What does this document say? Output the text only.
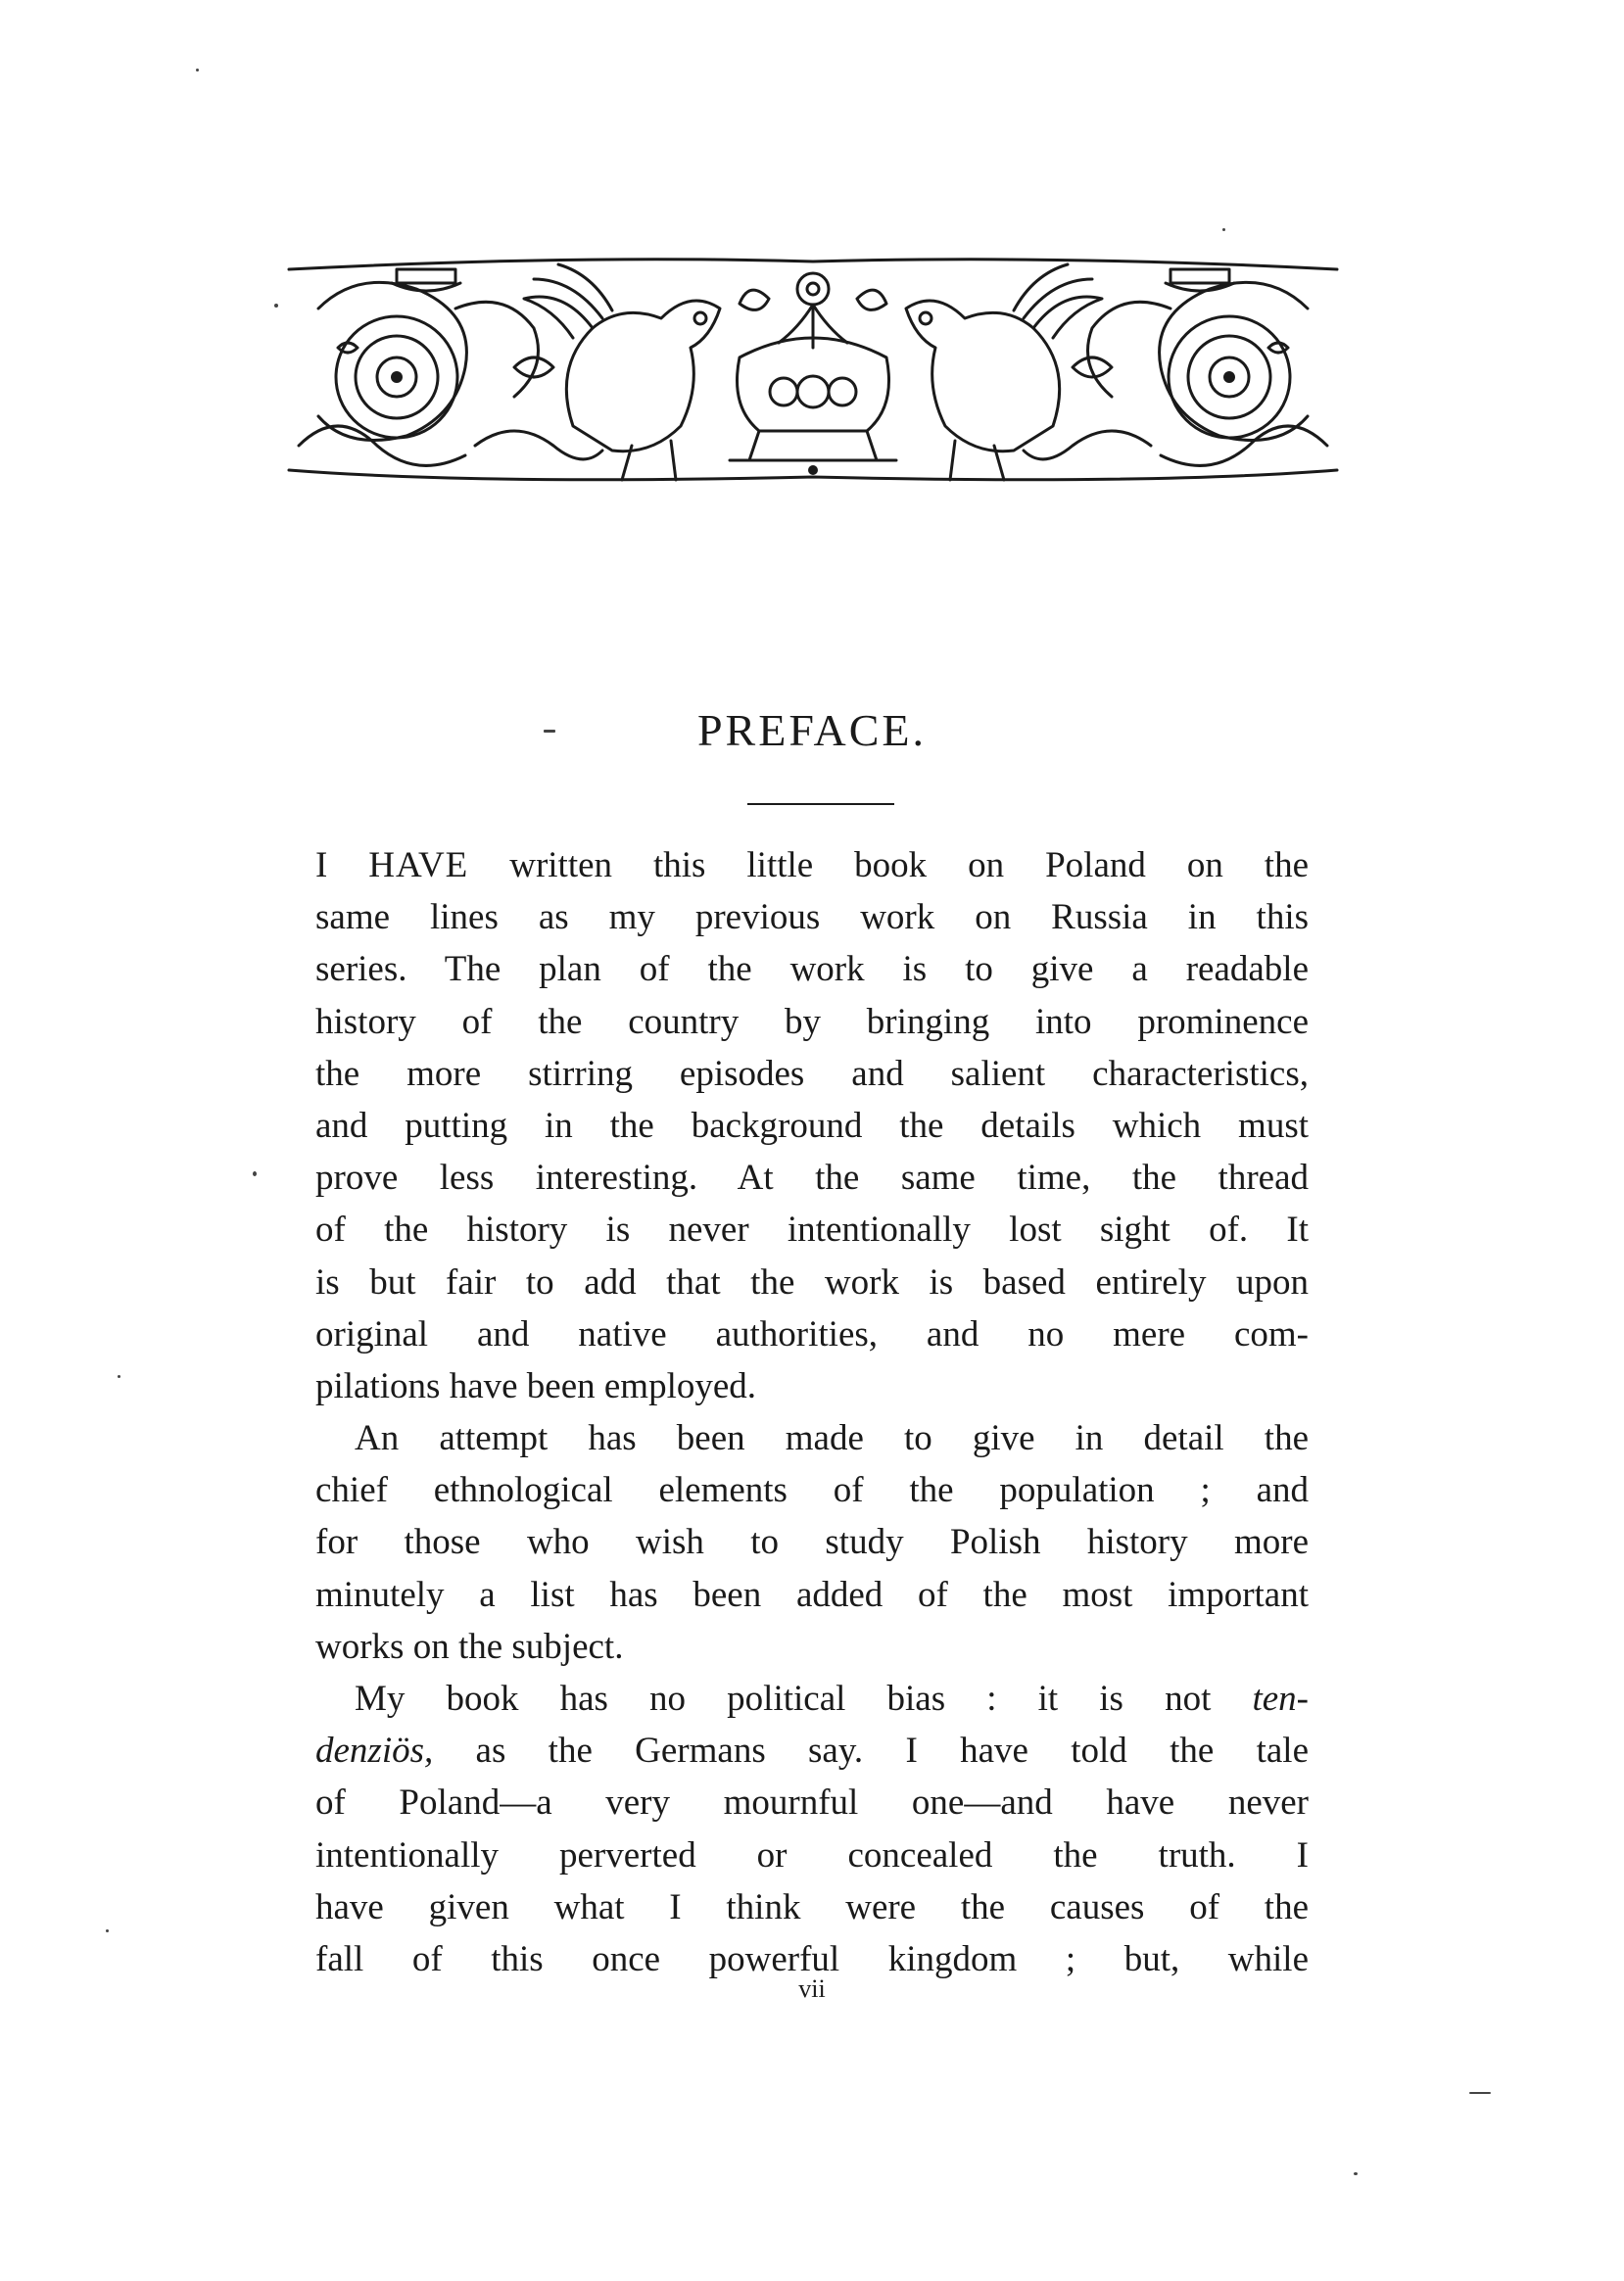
PREFACE.
I HAVE written this little book on Poland on the
same lines as my previous work on Russia in this
series. The plan of the work is to give a readable
history of the country by bringing into prominence
the more stirring episodes and salient characteristics,
and putting in the background the details which must
prove less interesting. At the same time, the thread
of the history is never intentionally lost sight of. It
is but fair to add that the work is based entirely upon
original and native authorities, and no mere com-
pilations have been employed.
An attempt has been made to give in detail the
chief ethnological elements of the population ; and
for those who wish to study Polish history more
minutely a list has been added of the most important
works on the subject.
My book has no political bias : it is not ten-
denziös, as the Germans say. I have told the tale
of Poland—a very mournful one—and have never
intentionally perverted or concealed the truth. I
have given what I think were the causes of the
fall of this once powerful kingdom ; but, while
vii
